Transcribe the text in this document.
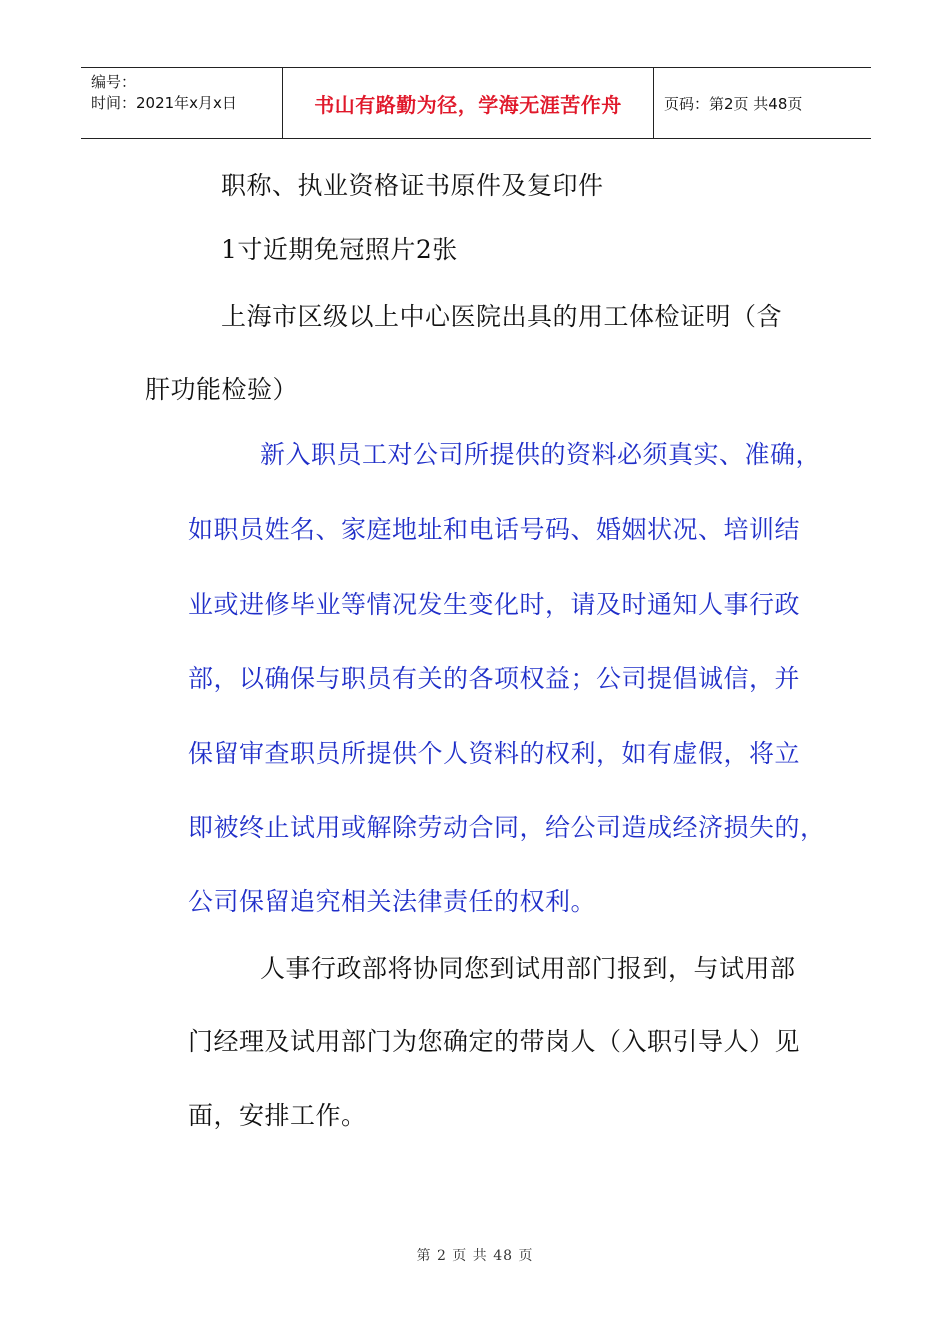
编号：
时间：2021年x月x日	书山有路勤为径，学海无涯苦作舟	页码：第2页 共48页
职称、执业资格证书原件及复印件
1寸近期免冠照片2张
上海市区级以上中心医院出具的用工体检证明（含
肝功能检验）
新入职员工对公司所提供的资料必须真实、准确，
如职员姓名、家庭地址和电话号码、婚姻状况、培训结
业或进修毕业等情况发生变化时，请及时通知人事行政
部，以确保与职员有关的各项权益；公司提倡诚信，并
保留审查职员所提供个人资料的权利，如有虚假，将立
即被终止试用或解除劳动合同，给公司造成经济损失的，
公司保留追究相关法律责任的权利。
人事行政部将协同您到试用部门报到，与试用部
门经理及试用部门为您确定的带岗人（入职引导人）见
面，安排工作。
第 2 页 共 48 页
